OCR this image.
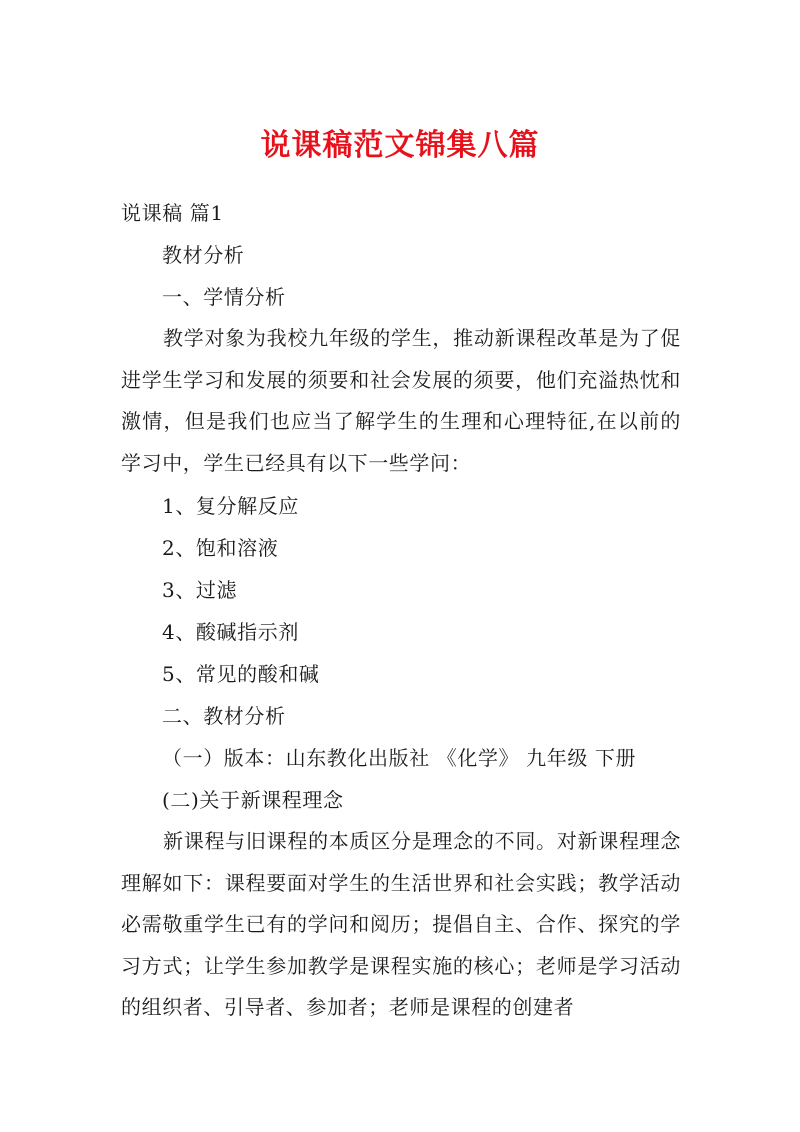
说课稿范文锦集八篇
说课稿 篇1
教材分析
一、学情分析
教学对象为我校九年级的学生，推动新课程改革是为了促进学生学习和发展的须要和社会发展的须要，他们充溢热忱和激情，但是我们也应当了解学生的生理和心理特征,在以前的学习中，学生已经具有以下一些学问：
1、复分解反应
2、饱和溶液
3、过滤
4、酸碱指示剂
5、常见的酸和碱
二、教材分析
（一）版本：山东教化出版社 《化学》 九年级 下册
(二)关于新课程理念
新课程与旧课程的本质区分是理念的不同。对新课程理念理解如下：课程要面对学生的生活世界和社会实践；教学活动必需敬重学生已有的学问和阅历；提倡自主、合作、探究的学习方式；让学生参加教学是课程实施的核心；老师是学习活动的组织者、引导者、参加者；老师是课程的创建者
